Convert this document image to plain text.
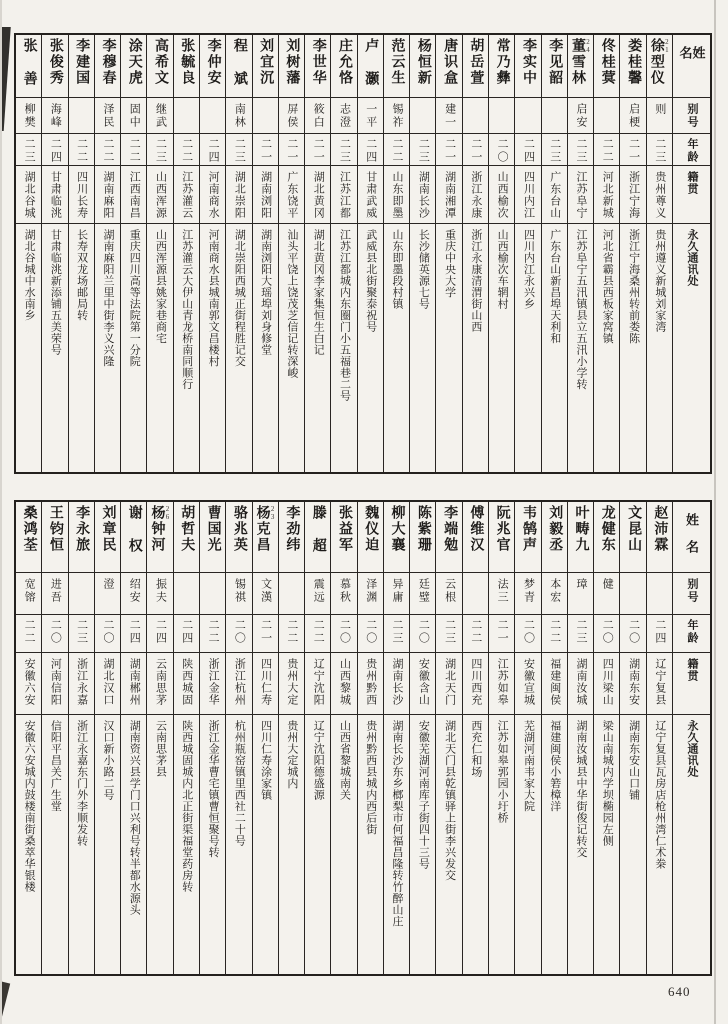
姓名
别号
年龄
籍贯
永久通讯处
徐型仪 21
则
二三
贵州尊义
贵州遵义新城刘家湾
娄桂馨
启梗
二一
浙江宁海
浙江宁海桑州转前娄陈
佟桂蓂
二二
河北新城
河北省霸县西板家窝镇
董雪林 24
启安
二三
江苏阜宁
江苏阜宁五汛镇县立五汛小学转
李见韶
二三
广东台山
广东台山新昌埠天利和
李实中
二四
四川内江
四川内江永兴乡
常乃彝
二〇
山西榆次
山西榆次车辋村
胡岳萱
二一
浙江永康
浙江永康清渭街山西
唐识盒
建一
二一
湖南湘潭
重庆中央大学
杨恒新
二三
湖南长沙
长沙储英源七号
范云生
锡祚
二二
山东即墨
山东即墨段村镇
卢 灏
一平
二四
甘肃武威
武威县北街聚泰祝号
庄允恪
志澄
二三
江苏江都
江苏江都城内东圈门小五福巷二号
李世华
筱白
二一
湖北黄冈
湖北黄冈李家集恒生白记
刘树藩
屏侯
二一
广东饶平
汕头平饶上饶茂芝信记转深峻
刘宜沉
二一
湖南浏阳
湖南浏阳大瑶埠刘身修堂
程 斌
南林
二三
湖北崇阳
湖北崇阳西城正街程胜记交
李仲安
二四
河南商水
河南商水县城南郭文昌楼村
张毓良
二二
江苏灌云
江苏灌云大伊山青龙桥南同顺行
高希文
继武
二三
山西浑源
山西浑源县姚家巷商宅
涂天虎
固中
二二
江西南昌
重庆四川高等法院第一分院
李穆春
泽民
二二
湖南麻阳
湖南麻阳兰里中街李义兴隆
李建国
二二
四川长寿
长寿双龙场邮局转
张俊秀
海峰
二四
甘肃临洮
甘肃临洮新添铺五美荣号
张 善
柳樊
二三
湖北谷城
湖北谷城中水南乡
姓名
别号
年龄
籍贯
永久通讯处
赵沛霖
二四
辽宁复县
辽宁复县瓦房店枪州湾仁术桊
文昆山
二〇
湖南东安
湖南东安山口铺
龙健东
健
二〇
四川梁山
梁山南城内学坝椭园左侧
叶畴九
璋
二三
湖南汝城
湖南汝城县中华街俊记转交
刘毅丞
本宏
二二
福建闽侯
福建闽侯小箬樟洋
韦鹄声
梦青
二〇
安徽宣城
芜湖河南韦家大院
阮兆官
法三
二一
江苏如皋
江苏如皋郭园小圩桥
傅维汉
二二
四川西充
西充仁和场
李端勉
云根
二三
湖北天门
湖北天门县乾镇驿上街李兴发交
陈紫珊
廷璧
二〇
安徽含山
安徽芜湖河南库子街四十三号
柳大襄
异庸
二三
湖南长沙
湖南长沙东乡榔梨市何福昌隆转竹醉山庄
魏仪迫
泽渊
二〇
贵州黔西
贵州黔西县城内西后街
张益军
慕秋
二〇
山西黎城
山西省黎城南关
滕 超
震远
二二
辽宁沈阳
辽宁沈阳德盛源
李劲纬
二二
贵州大定
贵州大定城内
杨克昌 23
文漢
二一
四川仁寿
四川仁寿涂家镇
骆兆英
锡祺
二〇
浙江杭州
杭州瓶窑镇里西社二十号
曹国光
二二
浙江金华
浙江金华曹宅镇曹恒聚号转
胡哲夫
二四
陕西城固
陕西城固城内北正街渠福堂药房转
杨钟河 26
振夫
二四
云南思茅
云南思茅县
谢 权
绍安
二四
湖南郴州
湖南资兴县学门口兴利号转半都水源头
刘章民
澄
二〇
湖北汉口
汉口新小路二号
李永旅
二三
浙江永嘉
浙江永嘉东门外李顺发转
王钧恒
进吾
二〇
河南信阳
信阳平昌关广生堂
桑鸿荃
宽镕
二二
安徽六安
安徽六安城内鼓楼南街桑萃华银楼
640
